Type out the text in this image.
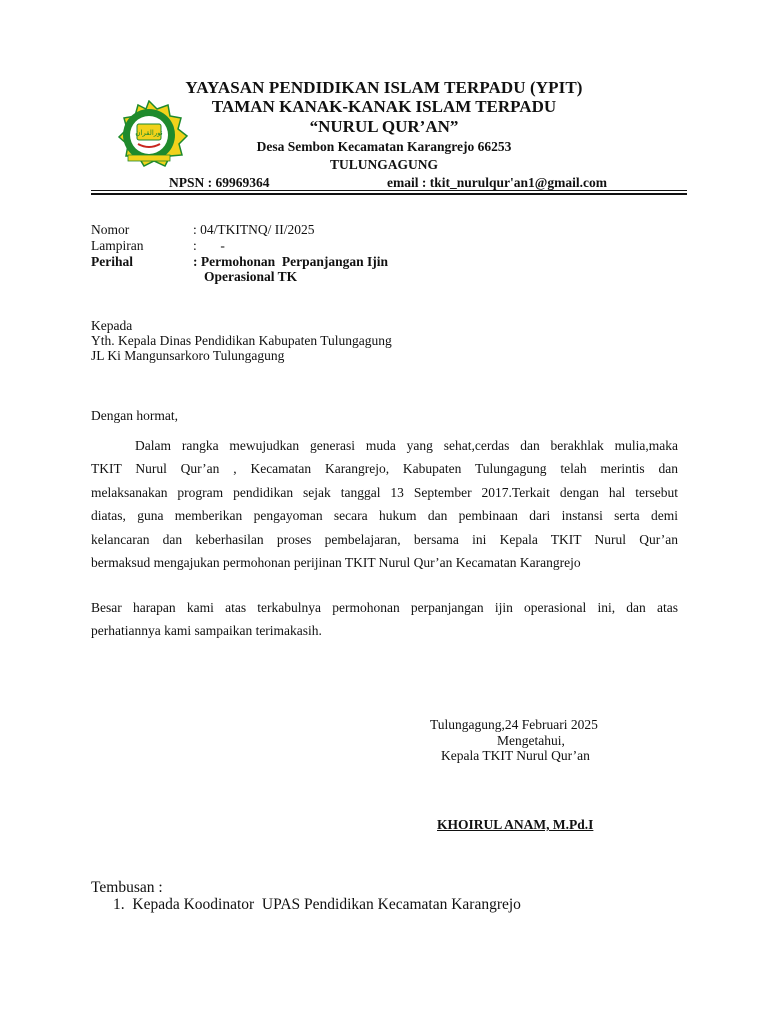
نورالقران
YAYASAN PENDIDIKAN ISLAM TERPADU (YPIT)
TAMAN KANAK-KANAK ISLAM TERPADU
“NURUL QUR’AN”
Desa Sembon Kecamatan Karangrejo 66253
TULUNGAGUNG
NPSN : 69969364	email : tkit_nurulqur'an1@gmail.com
Nomor	: 04/TKITNQ/ II/2025
Lampiran	:       -
Perihal	: Permohonan  Perpanjangan Ijin
Operasional TK
Kepada
Yth. Kepala Dinas Pendidikan Kabupaten Tulungagung
JL Ki Mangunsarkoro Tulungagung
Dengan hormat,
Dalam rangka mewujudkan generasi muda yang sehat,cerdas dan berakhlak mulia,maka
TKIT Nurul Qur’an , Kecamatan Karangrejo, Kabupaten Tulungagung telah merintis dan
melaksanakan program pendidikan sejak tanggal 13 September 2017.Terkait dengan hal tersebut
diatas, guna memberikan pengayoman secara hukum dan pembinaan dari instansi serta demi
kelancaran dan keberhasilan proses pembelajaran, bersama ini Kepala TKIT Nurul Qur’an
bermaksud mengajukan permohonan perijinan TKIT Nurul Qur’an Kecamatan Karangrejo
Besar harapan kami atas terkabulnya permohonan perpanjangan ijin operasional ini, dan atas
perhatiannya kami sampaikan terimakasih.
Tulungagung,24 Februari 2025
Mengetahui,
Kepala TKIT Nurul Qur’an
KHOIRUL ANAM, M.Pd.I
Tembusan :
1.  Kepada Koodinator  UPAS Pendidikan Kecamatan Karangrejo
